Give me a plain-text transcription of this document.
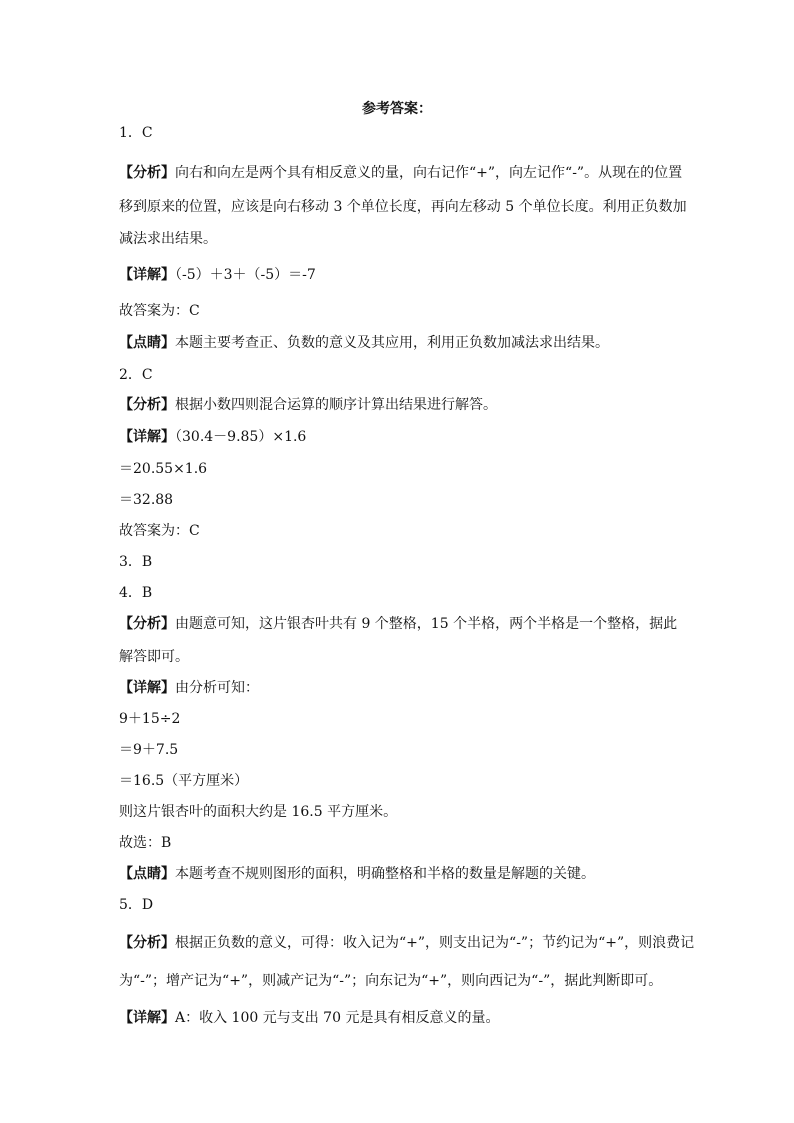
参考答案：
1．C
【分析】向右和向左是两个具有相反意义的量，向右记作“+”，向左记作“-”。从现在的位置
移到原来的位置，应该是向右移动 3 个单位长度，再向左移动 5 个单位长度。利用正负数加
减法求出结果。
【详解】（-5）＋3＋（-5）＝-7
故答案为：C
【点睛】本题主要考查正、负数的意义及其应用，利用正负数加减法求出结果。
2．C
【分析】根据小数四则混合运算的顺序计算出结果进行解答。
【详解】（30.4－9.85）×1.6
＝20.55×1.6
＝32.88
故答案为：C
3．B
4．B
【分析】由题意可知，这片银杏叶共有 9 个整格，15 个半格，两个半格是一个整格，据此
解答即可。
【详解】由分析可知：
9＋15÷2
＝9＋7.5
＝16.5（平方厘米）
则这片银杏叶的面积大约是 16.5 平方厘米。
故选：B
【点睛】本题考查不规则图形的面积，明确整格和半格的数量是解题的关键。
5．D
【分析】根据正负数的意义，可得：收入记为“+”，则支出记为“-”；节约记为“+”，则浪费记
为“-”；增产记为“+”，则减产记为“-”；向东记为“+”，则向西记为“-”，据此判断即可。
【详解】A：收入 100 元与支出 70 元是具有相反意义的量。
